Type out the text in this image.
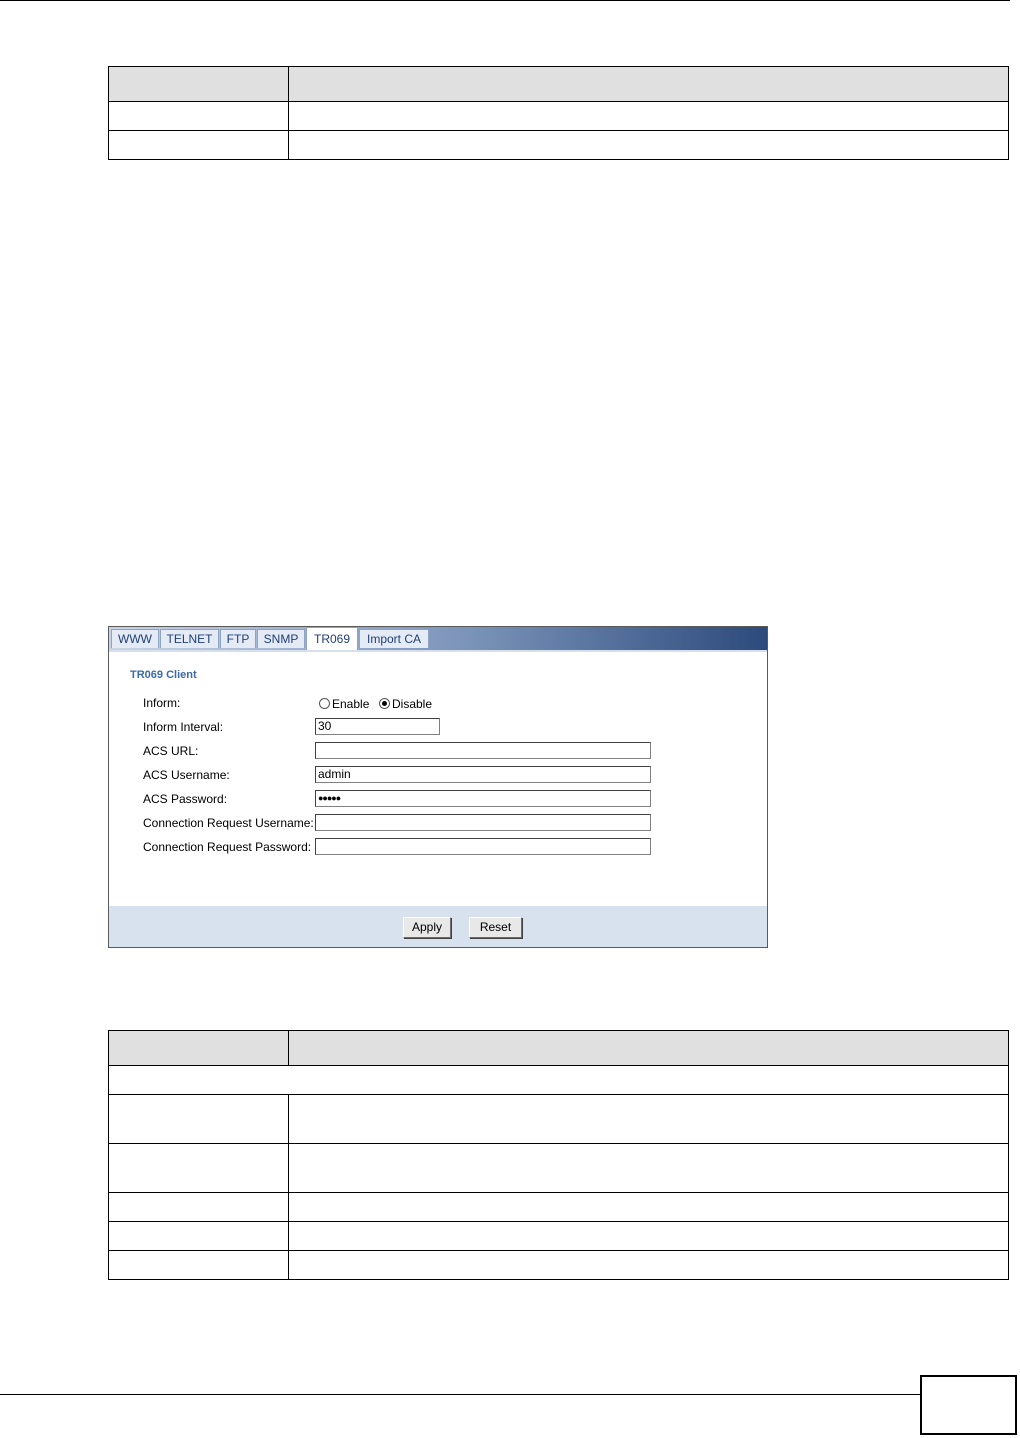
WWW	TELNET	FTP	SNMP	TR069	Import CA
TR069 Client
Inform:	Enable	Disable
Inform Interval:	30
ACS URL:
ACS Username:	admin
ACS Password:	●●●●●
Connection Request Username:
Connection Request Password:
Apply	Reset
